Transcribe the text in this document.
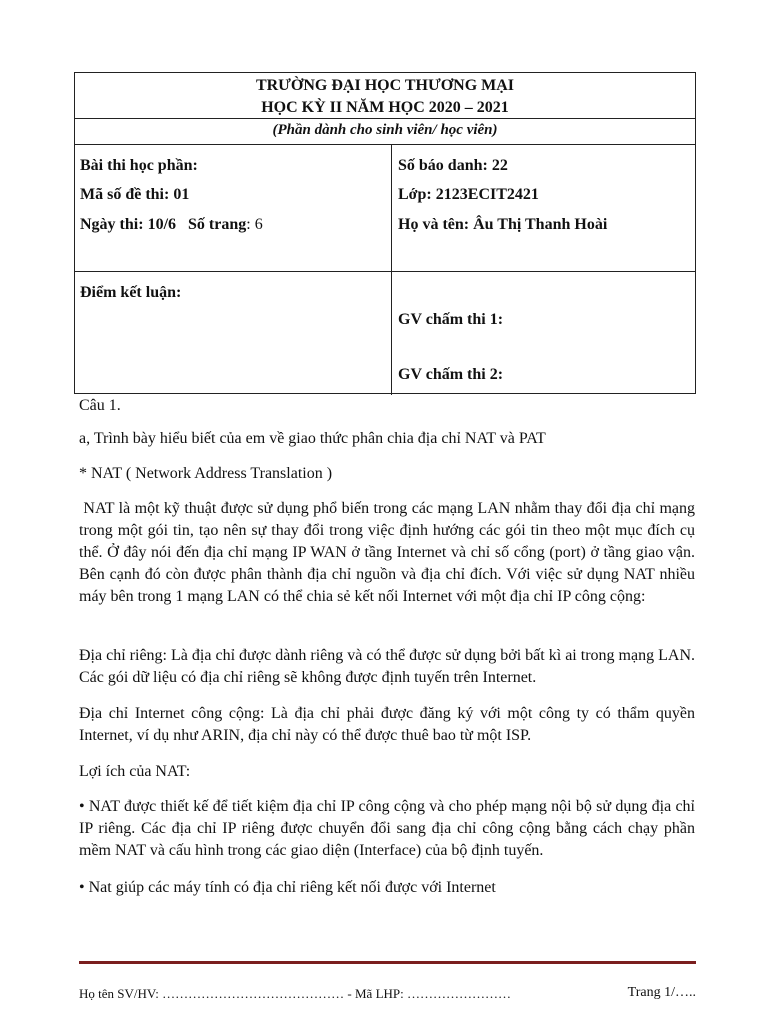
TRƯỜNG ĐẠI HỌC THƯƠNG MẠI
HỌC KỲ II NĂM HỌC 2020 – 2021
(Phần dành cho sinh viên/ học viên)
Bài thi học phần:
Mã số đề thi: 01
Ngày thi: 10/6 Số trang: 6
Số báo danh: 22
Lớp: 2123ECIT2421
Họ và tên: Âu Thị Thanh Hoài
Điểm kết luận:
GV chấm thi 1:
GV chấm thi 2:

Câu 1.

a, Trình bày hiểu biết của em về giao thức phân chia địa chỉ NAT và PAT

* NAT ( Network Address Translation )

NAT là một kỹ thuật được sử dụng phổ biến trong các mạng LAN nhằm thay đổi địa chỉ mạng trong một gói tin, tạo nên sự thay đổi trong việc định hướng các gói tin theo một mục đích cụ thể. Ở đây nói đến địa chỉ mạng IP WAN ở tầng Internet và chỉ số cổng (port) ở tầng giao vận. Bên cạnh đó còn được phân thành địa chỉ nguồn và địa chỉ đích. Với việc sử dụng NAT nhiều máy bên trong 1 mạng LAN có thể chia sẻ kết nối Internet với một địa chỉ IP công cộng:

Địa chỉ riêng: Là địa chỉ được dành riêng và có thể được sử dụng bởi bất kì ai trong mạng LAN. Các gói dữ liệu có địa chỉ riêng sẽ không được định tuyến trên Internet.

Địa chỉ Internet công cộng: Là địa chỉ phải được đăng ký với một công ty có thẩm quyền Internet, ví dụ như ARIN, địa chỉ này có thể được thuê bao từ một ISP.

Lợi ích của NAT:

• NAT được thiết kế để tiết kiệm địa chỉ IP công cộng và cho phép mạng nội bộ sử dụng địa chỉ IP riêng. Các địa chỉ IP riêng được chuyển đổi sang địa chỉ công cộng bằng cách chạy phần mềm NAT và cấu hình trong các giao diện (Interface) của bộ định tuyến.

• Nat giúp các máy tính có địa chỉ riêng kết nối được với Internet

Họ tên SV/HV: …………………………………… - Mã LHP: ……………………	Trang 1/…..
